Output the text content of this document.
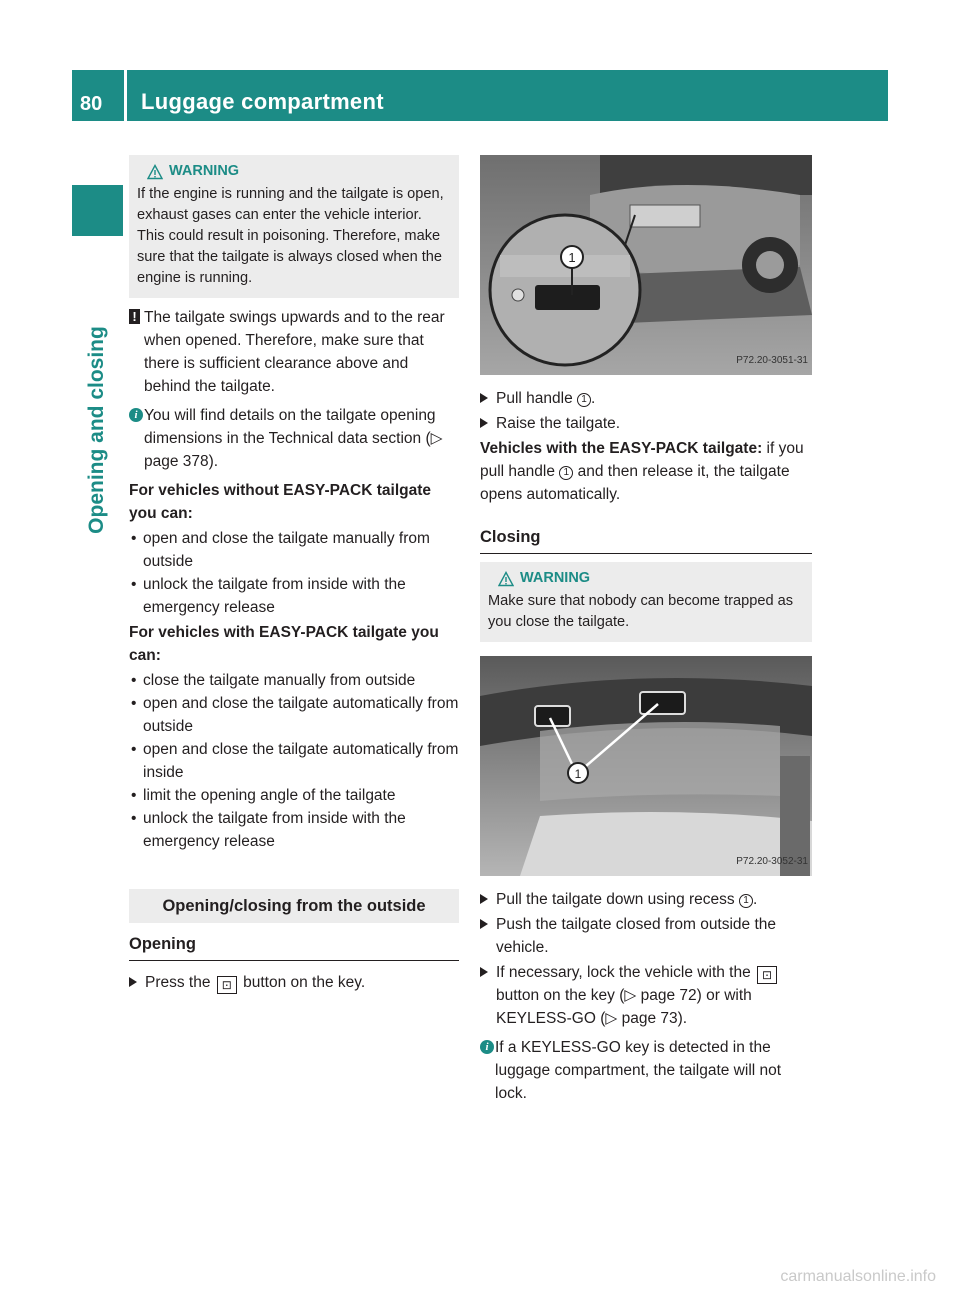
80 Luggage compartment
Opening and closing
WARNING
If the engine is running and the tailgate is open, exhaust gases can enter the vehicle interior. This could result in poisoning. Therefore, make sure that the tailgate is always closed when the engine is running.
! The tailgate swings upwards and to the rear when opened. Therefore, make sure that there is sufficient clearance above and behind the tailgate.
i You will find details on the tailgate opening dimensions in the Technical data section (▷ page 378).
For vehicles without EASY-PACK tailgate you can:
• open and close the tailgate manually from outside
• unlock the tailgate from inside with the emergency release
For vehicles with EASY-PACK tailgate you can:
• close the tailgate manually from outside
• open and close the tailgate automatically from outside
• open and close the tailgate automatically from inside
• limit the opening angle of the tailgate
• unlock the tailgate from inside with the emergency release
Opening/closing from the outside
Opening
Press the ⊡ button on the key.
1
P72.20-3051-31
Pull handle 1 .
Raise the tailgate.
Vehicles with the EASY-PACK tailgate: if you pull handle 1 and then release it, the tailgate opens automatically.
Closing
WARNING
Make sure that nobody can become trapped as you close the tailgate.
1
P72.20-3052-31
Pull the tailgate down using recess 1 .
Push the tailgate closed from outside the vehicle.
If necessary, lock the vehicle with the ⊡ button on the key (▷ page 72) or with KEYLESS-GO (▷ page 73).
i If a KEYLESS-GO key is detected in the luggage compartment, the tailgate will not lock.
carmanualsonline.info
